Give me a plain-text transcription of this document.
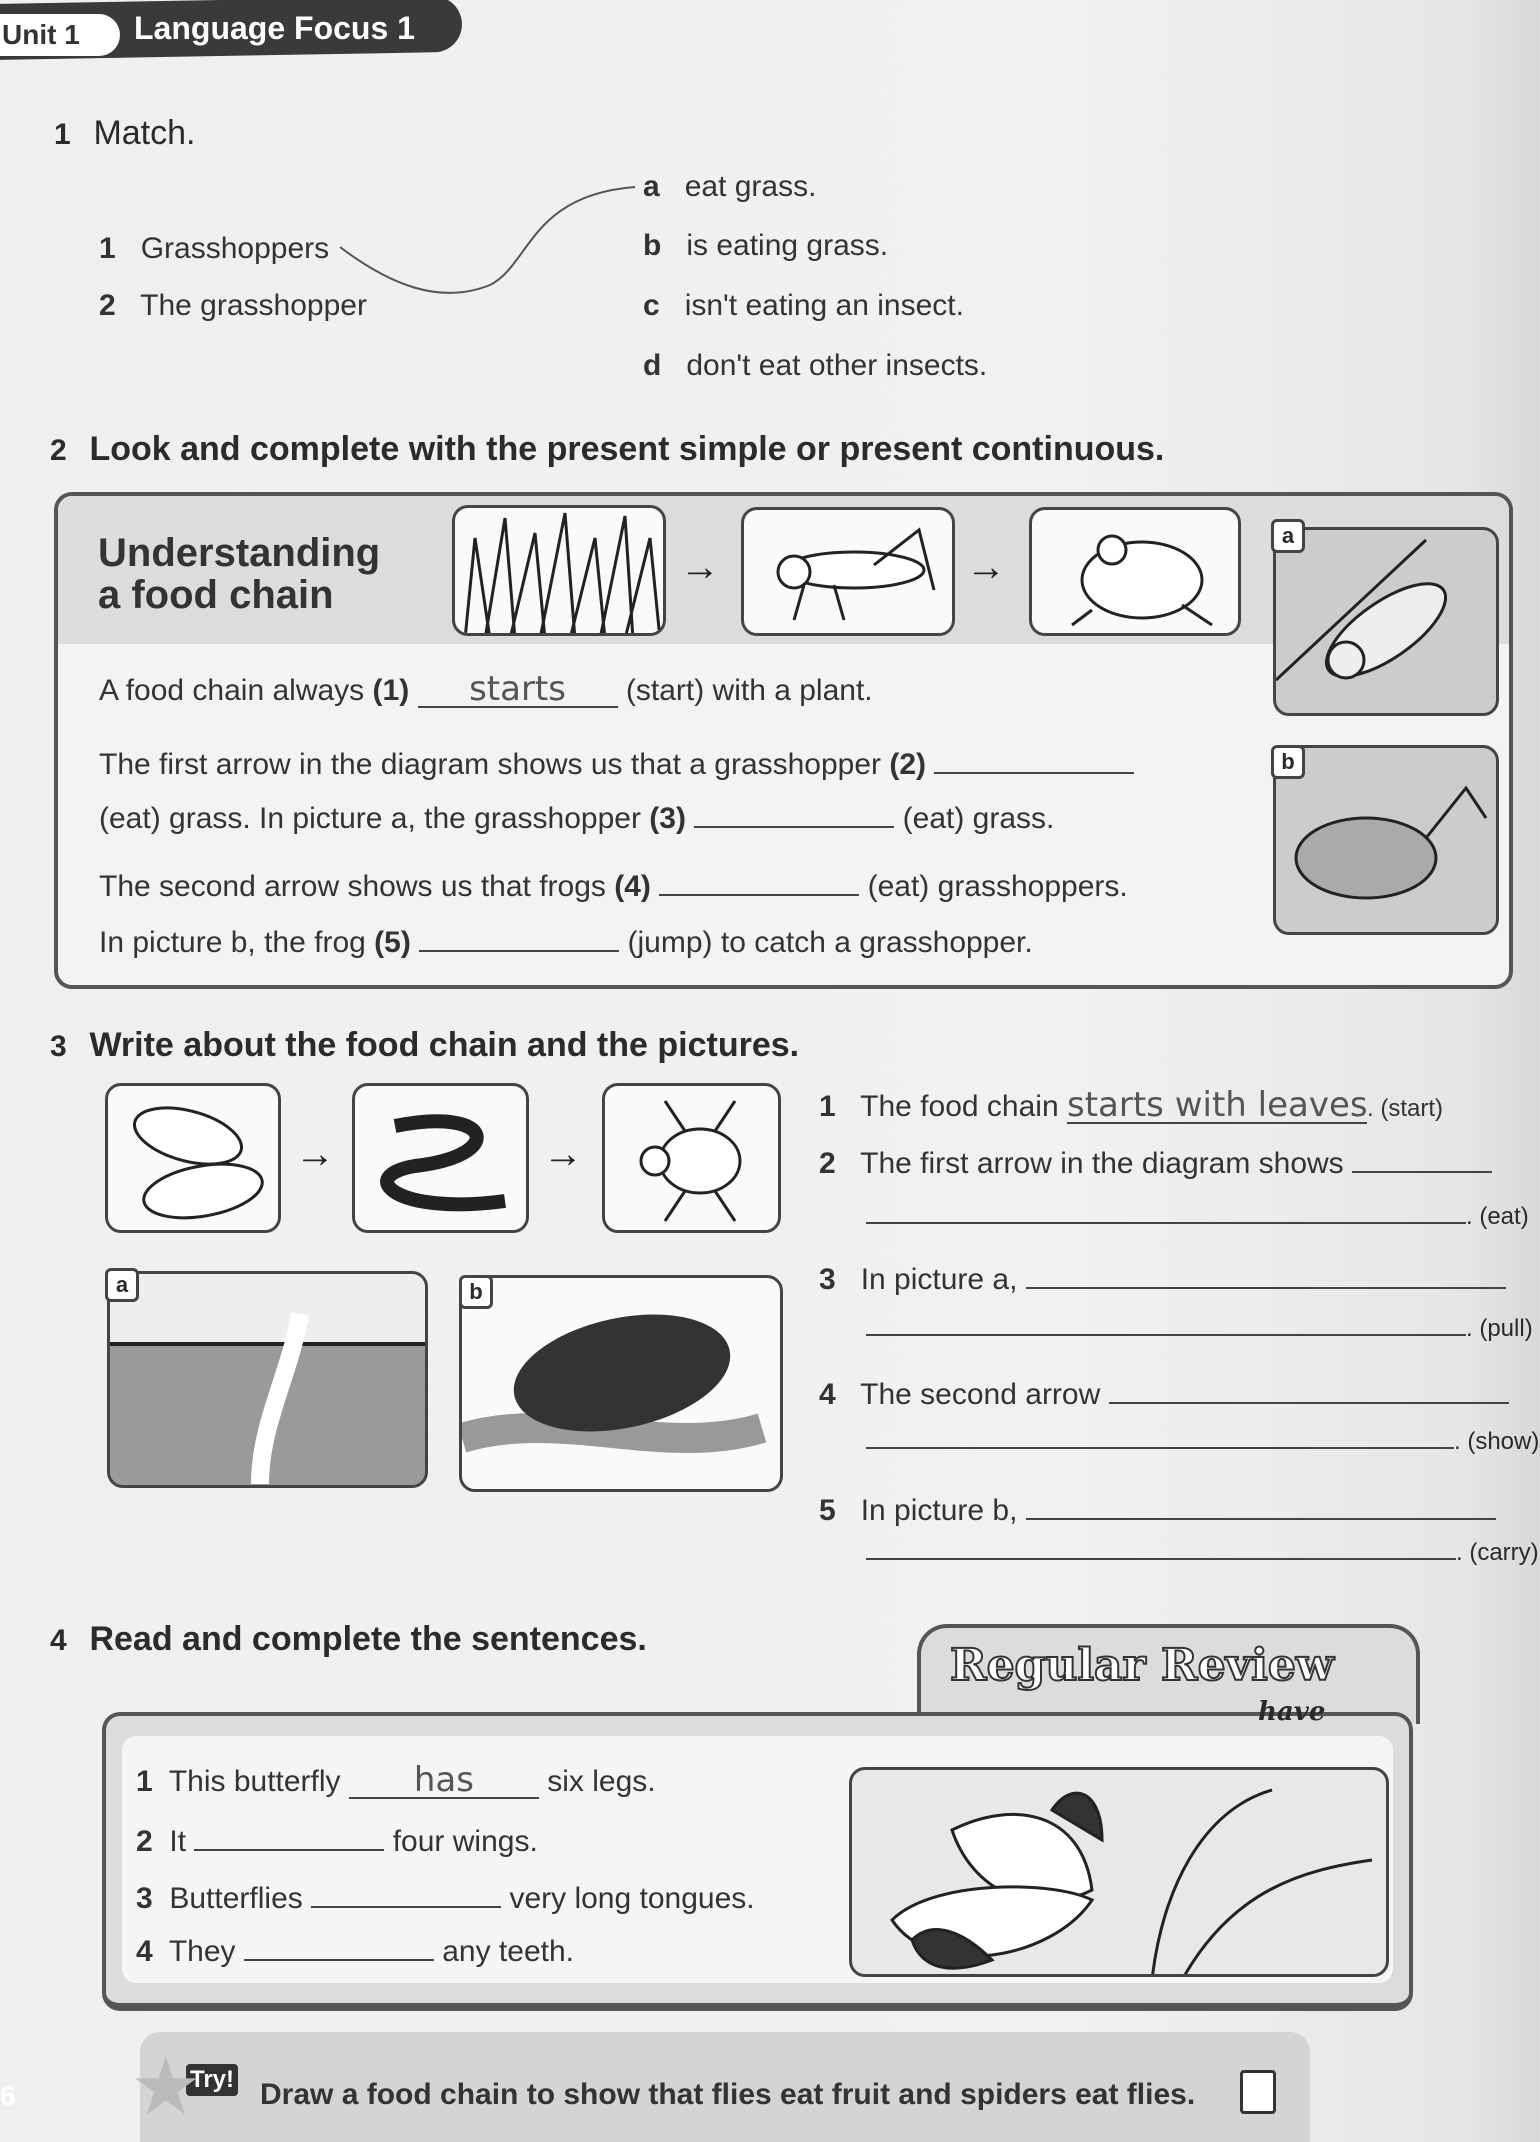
Unit 1	Language Focus 1
1 Match.
1 Grasshoppers
2 The grasshopper
a eat grass.
b is eating grass.
c isn't eating an insect.
d don't eat other insects.
2 Look and complete with the present simple or present continuous.
Understanding
a food chain
→	→
a
b
A food chain always (1) starts (start) with a plant.
The first arrow in the diagram shows us that a grasshopper (2)
(eat) grass. In picture a, the grasshopper (3)	(eat) grass.
The second arrow shows us that frogs (4)	(eat) grasshoppers.
In picture b, the frog (5)	(jump) to catch a grasshopper.
3 Write about the food chain and the pictures.
→	→
a	b
1 The food chain starts with leaves. (start)
2 The first arrow in the diagram shows
. (eat)
3 In picture a,
. (pull)
4 The second arrow
. (show)
5 In picture b,
. (carry)
4 Read and complete the sentences.
Regular Review
have
1 This butterfly has six legs.
2 It	four wings.
3 Butterflies	very long tongues.
4 They	any teeth.
Try! Draw a food chain to show that flies eat fruit and spiders eat flies.
6 ★
